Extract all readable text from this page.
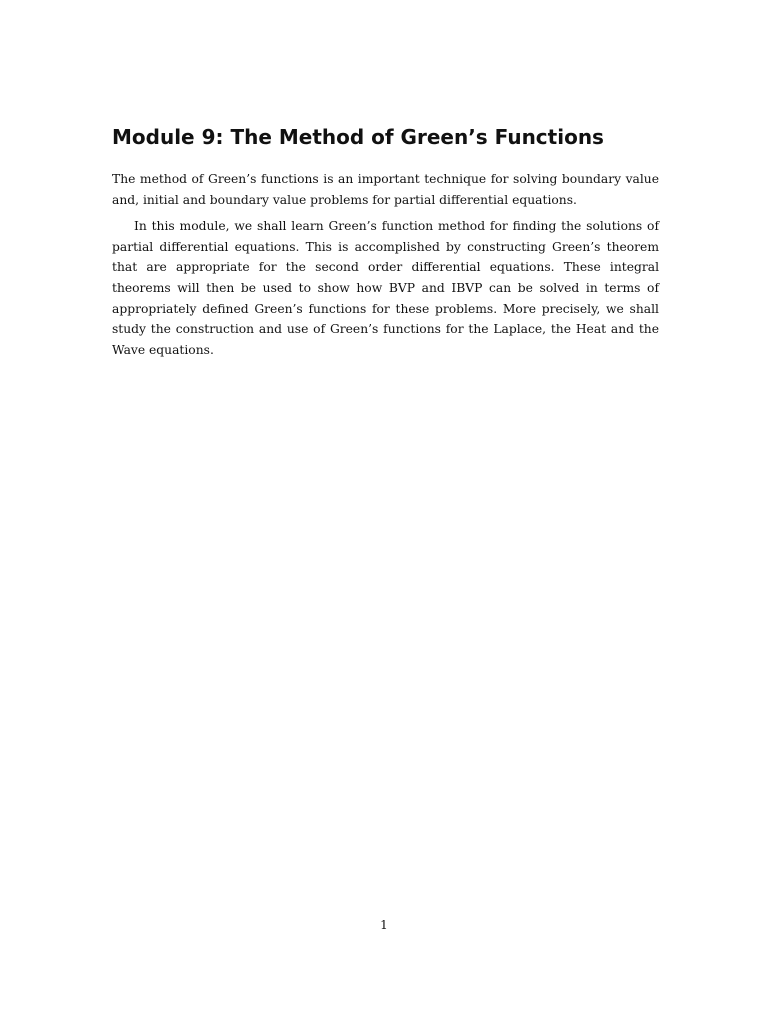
Module 9: The Method of Green’s Functions

The method of Green’s functions is an important technique for solving boundary value and, initial and boundary value problems for partial differential equations.

In this module, we shall learn Green’s function method for finding the solutions of partial differential equations. This is accomplished by constructing Green’s theorem that are appropriate for the second order differential equations. These integral theorems will then be used to show how BVP and IBVP can be solved in terms of appropriately defined Green’s functions for these problems. More precisely, we shall study the construction and use of Green’s functions for the Laplace, the Heat and the Wave equations.

1
